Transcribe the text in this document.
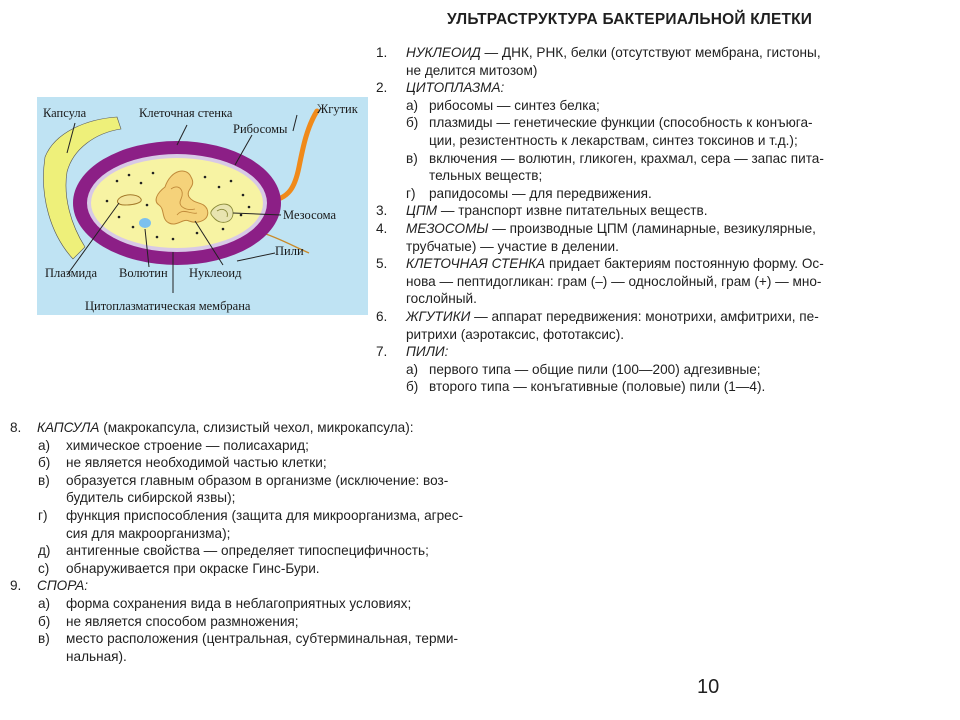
УЛЬТРАСТРУКТУРА БАКТЕРИАЛЬНОЙ КЛЕТКИ
Капсула	Клеточная стенка	Жгутик
Рибосомы
Мезосома
Пили
Плазмида Волютин Нуклеоид
Цитоплазматическая мембрана
1. НУКЛЕОИД — ДНК, РНК, белки (отсутствуют мембрана, гистоны,
не делится митозом)
2. ЦИТОПЛАЗМА:
а) рибосомы — синтез белка;
б) плазмиды — генетические функции (способность к конъюга-
ции, резистентность к лекарствам, синтез токсинов и т.д.);
в) включения — волютин, гликоген, крахмал, сера — запас пита-
тельных веществ;
г) рапидосомы — для передвижения.
3. ЦПМ — транспорт извне питательных веществ.
4. МЕЗОСОМЫ — производные ЦПМ (ламинарные, везикулярные,
трубчатые) — участие в делении.
5. КЛЕТОЧНАЯ СТЕНКА придает бактериям постоянную форму. Ос-
нова — пептидогликан: грам (–) — однослойный, грам (+) — мно-
гослойный.
6. ЖГУТИКИ — аппарат передвижения: монотрихи, амфитрихи, пе-
ритрихи (аэротаксис, фототаксис).
7. ПИЛИ:
а) первого типа — общие пили (100—200) адгезивные;
б) второго типа — конъгативные (половые) пили (1—4).
8. КАПСУЛА (макрокапсула, слизистый чехол, микрокапсула):
а) химическое строение — полисахарид;
б) не является необходимой частью клетки;
в) образуется главным образом в организме (исключение: воз-
будитель сибирской язвы);
г) функция приспособления (защита для микроорганизма, агрес-
сия для макроорганизма);
д) антигенные свойства — определяет типоспецифичность;
с) обнаруживается при окраске Гинс-Бури.
9. СПОРА:
а) форма сохранения вида в неблагоприятных условиях;
б) не является способом размножения;
в) место расположения (центральная, субтерминальная, терми-
нальная).
10
